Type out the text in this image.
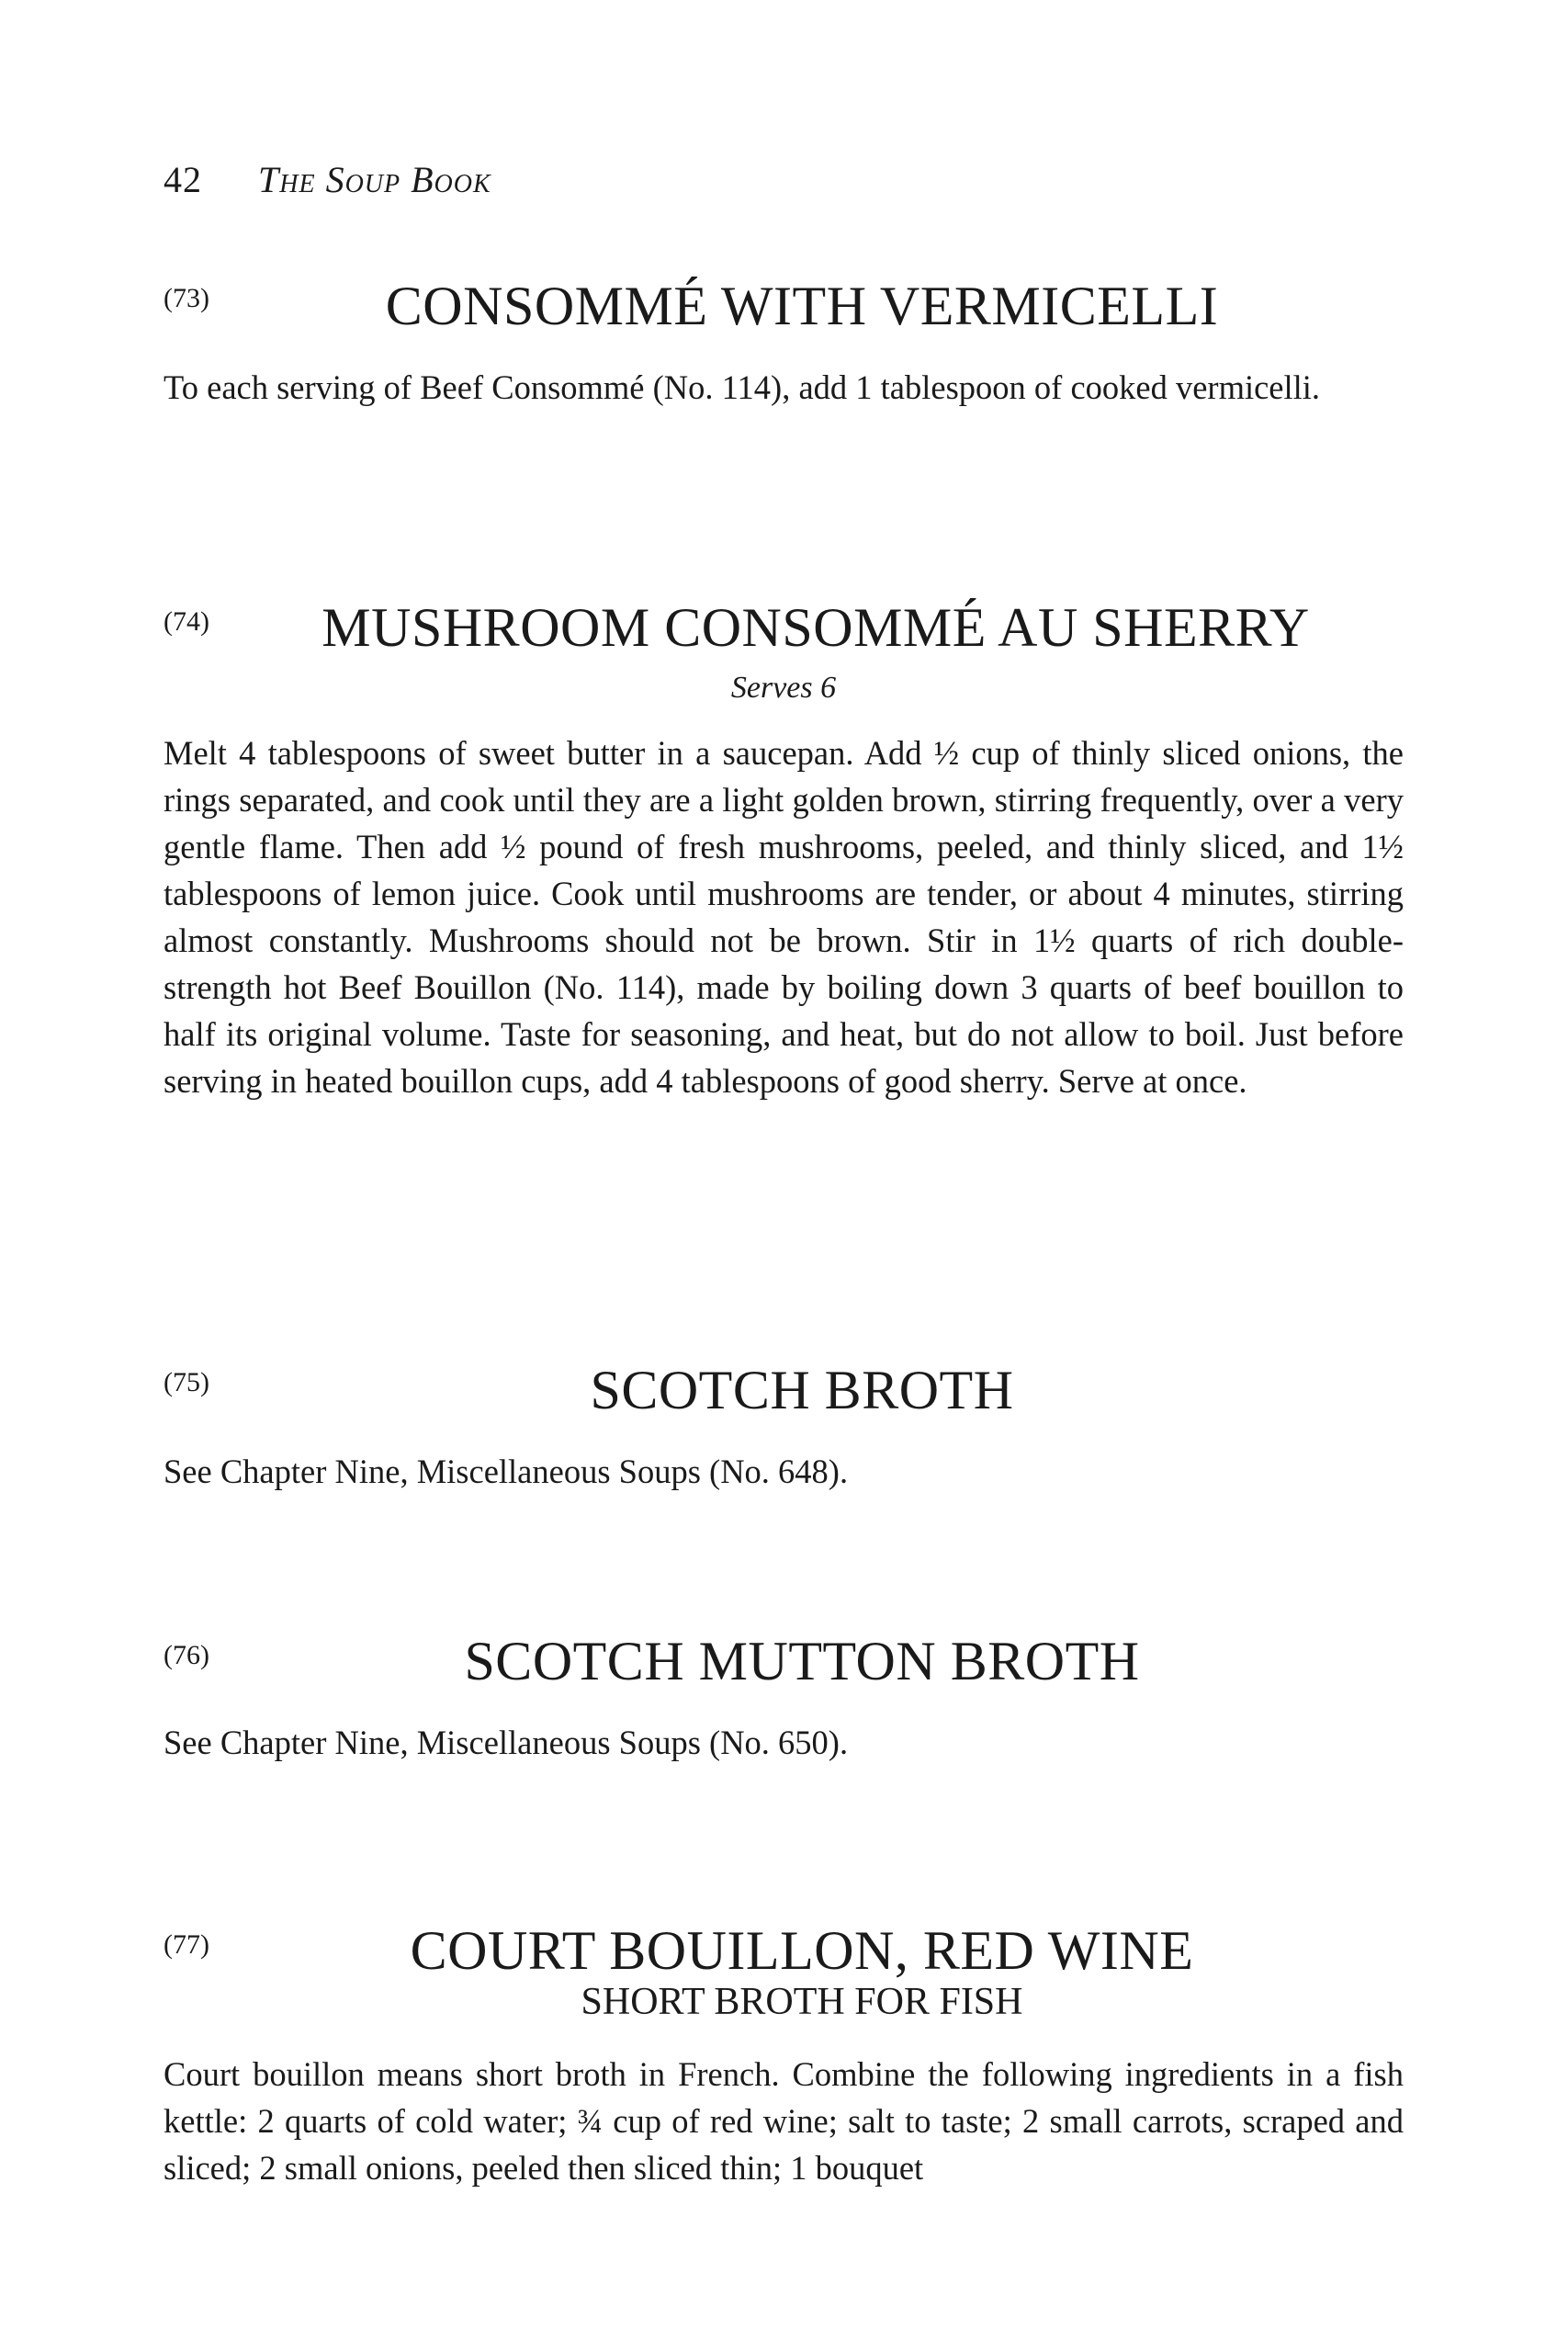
42 The Soup Book
(73)	CONSOMMÉ WITH VERMICELLI

To each serving of Beef Consommé (No. 114), add 1 tablespoon of cooked vermicelli.

(74)	MUSHROOM CONSOMMÉ AU SHERRY

Serves 6

Melt 4 tablespoons of sweet butter in a saucepan. Add ½ cup of thinly sliced onions, the rings separated, and cook until they are a light golden brown, stirring frequently, over a very gentle flame. Then add ½ pound of fresh mushrooms, peeled, and thinly sliced, and 1½ tablespoons of lemon juice. Cook until mushrooms are tender, or about 4 minutes, stirring almost constantly. Mushrooms should not be brown. Stir in 1½ quarts of rich double-strength hot Beef Bouillon (No. 114), made by boiling down 3 quarts of beef bouillon to half its original volume. Taste for seasoning, and heat, but do not allow to boil. Just before serving in heated bouillon cups, add 4 tablespoons of good sherry. Serve at once.

(75)	SCOTCH BROTH

See Chapter Nine, Miscellaneous Soups (No. 648).

(76)	SCOTCH MUTTON BROTH

See Chapter Nine, Miscellaneous Soups (No. 650).

(77)	COURT BOUILLON, RED WINE

SHORT BROTH FOR FISH

Court bouillon means short broth in French. Combine the following ingredients in a fish kettle: 2 quarts of cold water; ¾ cup of red wine; salt to taste; 2 small carrots, scraped and sliced; 2 small onions, peeled then sliced thin; 1 bouquet
